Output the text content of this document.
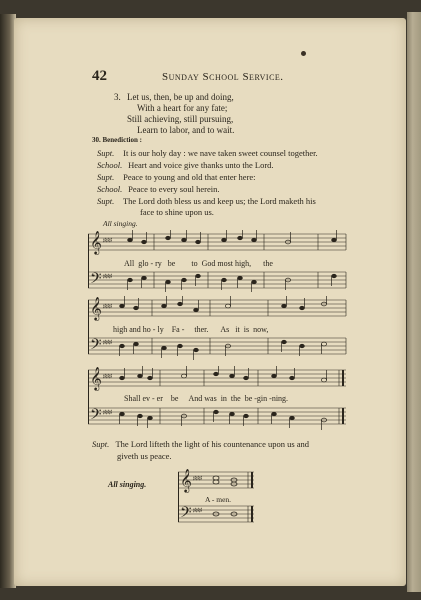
42	Sunday School Service.
3. Let us, then, be up and doing,
With a heart for any fate;
Still achieving, still pursuing,
Learn to labor, and to wait.
30. Benediction :
Supt. It is our holy day : we nave taken sweet counsel together.
School. Heart and voice give thanks unto the Lord.
Supt. Peace to young and old that enter here:
School. Peace to every soul herein.
Supt. The Lord doth bless us and keep us; the Lord maketh his
face to shine upon us.
All singing.
𝄞
𝄢
♯♯♯
♯♯♯
All glo - ry be to God most high, the
𝄞
𝄢
♯♯♯
♯♯♯
high and ho - ly Fa - ther. As it is now,
𝄞
𝄢
♯♯♯
♯♯♯
Shall ev - er be And was in the be -gin -ning.
Supt. The Lord lifteth the light of his countenance upon us and
giveth us peace.
All singing. 𝄞
𝄢
♯♯♯
♯♯♯
A - men.
